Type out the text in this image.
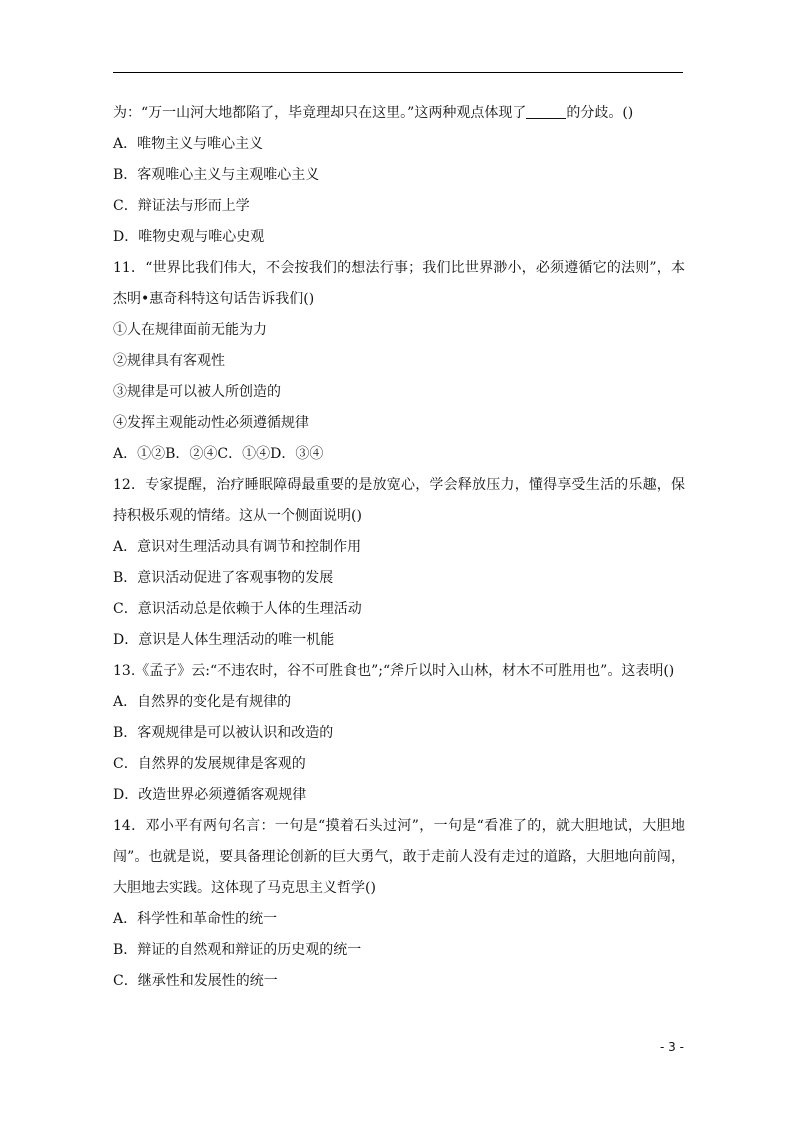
为：“万一山河大地都陷了，毕竟理却只在这里。”这两种观点体现了	的分歧。()
A．唯物主义与唯心主义
B．客观唯心主义与主观唯心主义
C．辩证法与形而上学
D．唯物史观与唯心史观
11．“世界比我们伟大，不会按我们的想法行事；我们比世界渺小，必须遵循它的法则”，本杰明•惠奇科特这句话告诉我们()
①人在规律面前无能为力
②规律具有客观性
③规律是可以被人所创造的
④发挥主观能动性必须遵循规律
A．①②B．②④C．①④D．③④
12．专家提醒，治疗睡眠障碍最重要的是放宽心，学会释放压力，懂得享受生活的乐趣，保持积极乐观的情绪。这从一个侧面说明()
A．意识对生理活动具有调节和控制作用
B．意识活动促进了客观事物的发展
C．意识活动总是依赖于人体的生理活动
D．意识是人体生理活动的唯一机能
13.《孟子》云:“不违农时，谷不可胜食也”;“斧斤以时入山林，材木不可胜用也”。这表明()
A．自然界的变化是有规律的
B．客观规律是可以被认识和改造的
C．自然界的发展规律是客观的
D．改造世界必须遵循客观规律
14．邓小平有两句名言：一句是“摸着石头过河”，一句是“看准了的，就大胆地试，大胆地闯”。也就是说，要具备理论创新的巨大勇气，敢于走前人没有走过的道路，大胆地向前闯，大胆地去实践。这体现了马克思主义哲学()
A．科学性和革命性的统一
B．辩证的自然观和辩证的历史观的统一
C．继承性和发展性的统一
- 3 -
